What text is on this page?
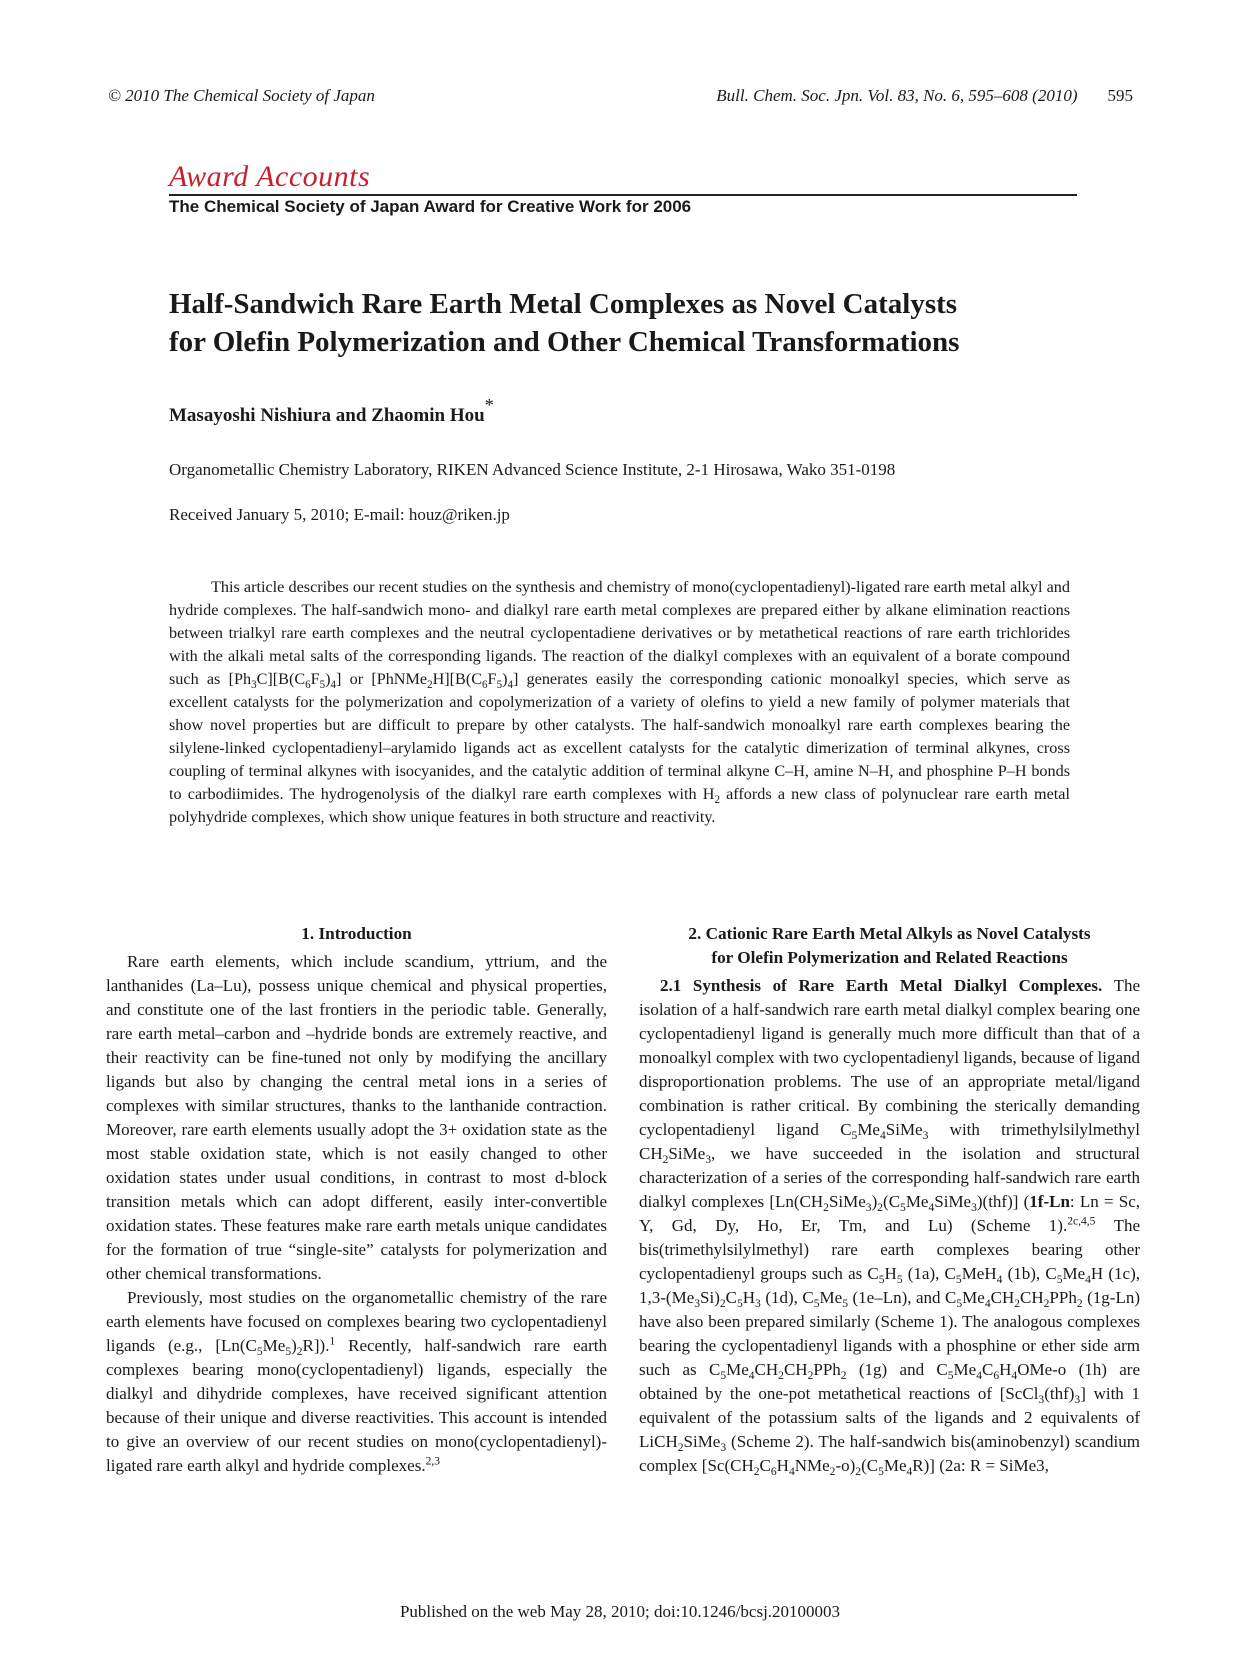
© 2010 The Chemical Society of Japan	Bull. Chem. Soc. Jpn. Vol. 83, No. 6, 595–608 (2010) 595
Award Accounts
The Chemical Society of Japan Award for Creative Work for 2006
Half-Sandwich Rare Earth Metal Complexes as Novel Catalysts
for Olefin Polymerization and Other Chemical Transformations
Masayoshi Nishiura and Zhaomin Hou*
Organometallic Chemistry Laboratory, RIKEN Advanced Science Institute, 2-1 Hirosawa, Wako 351-0198
Received January 5, 2010; E-mail: houz@riken.jp
This article describes our recent studies on the synthesis and chemistry of mono(cyclopentadienyl)-ligated rare earth metal alkyl and hydride complexes. The half-sandwich mono- and dialkyl rare earth metal complexes are prepared either by alkane elimination reactions between trialkyl rare earth complexes and the neutral cyclopentadiene derivatives or by metathetical reactions of rare earth trichlorides with the alkali metal salts of the corresponding ligands. The reaction of the dialkyl complexes with an equivalent of a borate compound such as $[Ph_3C][B(C_6F_5)_4]$ or $[PhNMe_2H][B(C_6F_5)_4]$ generates easily the corresponding cationic monoalkyl species, which serve as excellent catalysts for the polymerization and copolymerization of a variety of olefins to yield a new family of polymer materials that show novel properties but are difficult to prepare by other catalysts. The half-sandwich monoalkyl rare earth complexes bearing the silylene-linked cyclopentadienyl–arylamido ligands act as excellent catalysts for the catalytic dimerization of terminal alkynes, cross coupling of terminal alkynes with isocyanides, and the catalytic addition of terminal alkyne C–H, amine N–H, and phosphine P–H bonds to carbodiimides. The hydrogenolysis of the dialkyl rare earth complexes with $H_2$ affords a new class of polynuclear rare earth metal polyhydride complexes, which show unique features in both structure and reactivity.
1. Introduction

Rare earth elements, which include scandium, yttrium, and the lanthanides (La–Lu), possess unique chemical and physical properties, and constitute one of the last frontiers in the periodic table. Generally, rare earth metal–carbon and –hydride bonds are extremely reactive, and their reactivity can be fine-tuned not only by modifying the ancillary ligands but also by changing the central metal ions in a series of complexes with similar structures, thanks to the lanthanide contraction. Moreover, rare earth elements usually adopt the 3+ oxidation state as the most stable oxidation state, which is not easily changed to other oxidation states under usual conditions, in contrast to most d-block transition metals which can adopt different, easily inter-convertible oxidation states. These features make rare earth metals unique candidates for the formation of true “single-site” catalysts for polymerization and other chemical transformations.

Previously, most studies on the organometallic chemistry of the rare earth elements have focused on complexes bearing two cyclopentadienyl ligands (e.g., $[Ln(C_5Me_5)_2R]).^1$ Recently, half-sandwich rare earth complexes bearing mono(cyclopentadienyl) ligands, especially the dialkyl and dihydride complexes, have received significant attention because of their unique and diverse reactivities. This account is intended to give an overview of our recent studies on mono(cyclopentadienyl)-ligated rare earth alkyl and hydride complexes.$^{2,3}$

2. Cationic Rare Earth Metal Alkyls as Novel Catalysts
for Olefin Polymerization and Related Reactions

2.1 Synthesis of Rare Earth Metal Dialkyl Complexes. The isolation of a half-sandwich rare earth metal dialkyl complex bearing one cyclopentadienyl ligand is generally much more difficult than that of a monoalkyl complex with two cyclopentadienyl ligands, because of ligand disproportionation problems. The use of an appropriate metal/ligand combination is rather critical. By combining the sterically demanding cyclopentadienyl ligand $C_5Me_4SiMe_3$ with trimethylsilylmethyl $CH_2SiMe_3$, we have succeeded in the isolation and structural characterization of a series of the corresponding half-sandwich rare earth dialkyl complexes $[Ln(CH_2SiMe_3)_2(C_5Me_4SiMe_3)(thf)]$ (1f-Ln: Ln = Sc, Y, Gd, Dy, Ho, Er, Tm, and Lu) (Scheme 1).$^{2c,4,5}$ The bis(trimethylsilylmethyl) rare earth complexes bearing other cyclopentadienyl groups such as $C_5H_5$ (1a), $C_5MeH_4$ (1b), $C_5Me_4H$ (1c), $1,3-(Me_3Si)_2C_5H_3$ (1d), $C_5Me_5$ (1e–Ln), and $C_5Me_4CH_2CH_2PPh_2$ (1g-Ln) have also been prepared similarly (Scheme 1). The analogous complexes bearing the cyclopentadienyl ligands with a phosphine or ether side arm such as $C_5Me_4CH_2CH_2PPh_2$ (1g) and $C_5Me_4C_6H_4OMe-o$ (1h) are obtained by the one-pot metathetical reactions of $[ScCl_3(thf)_3]$ with 1 equivalent of the potassium salts of the ligands and 2 equivalents of LiCH$_2$SiMe$_3$ (Scheme 2). The half-sandwich bis(aminobenzyl) scandium complex $[Sc(CH_2C_6H_4NMe_2-o)_2(C_5Me_4R)]$ (2a: R = SiMe3,

Published on the web May 28, 2010; doi:10.1246/bcsj.20100003
